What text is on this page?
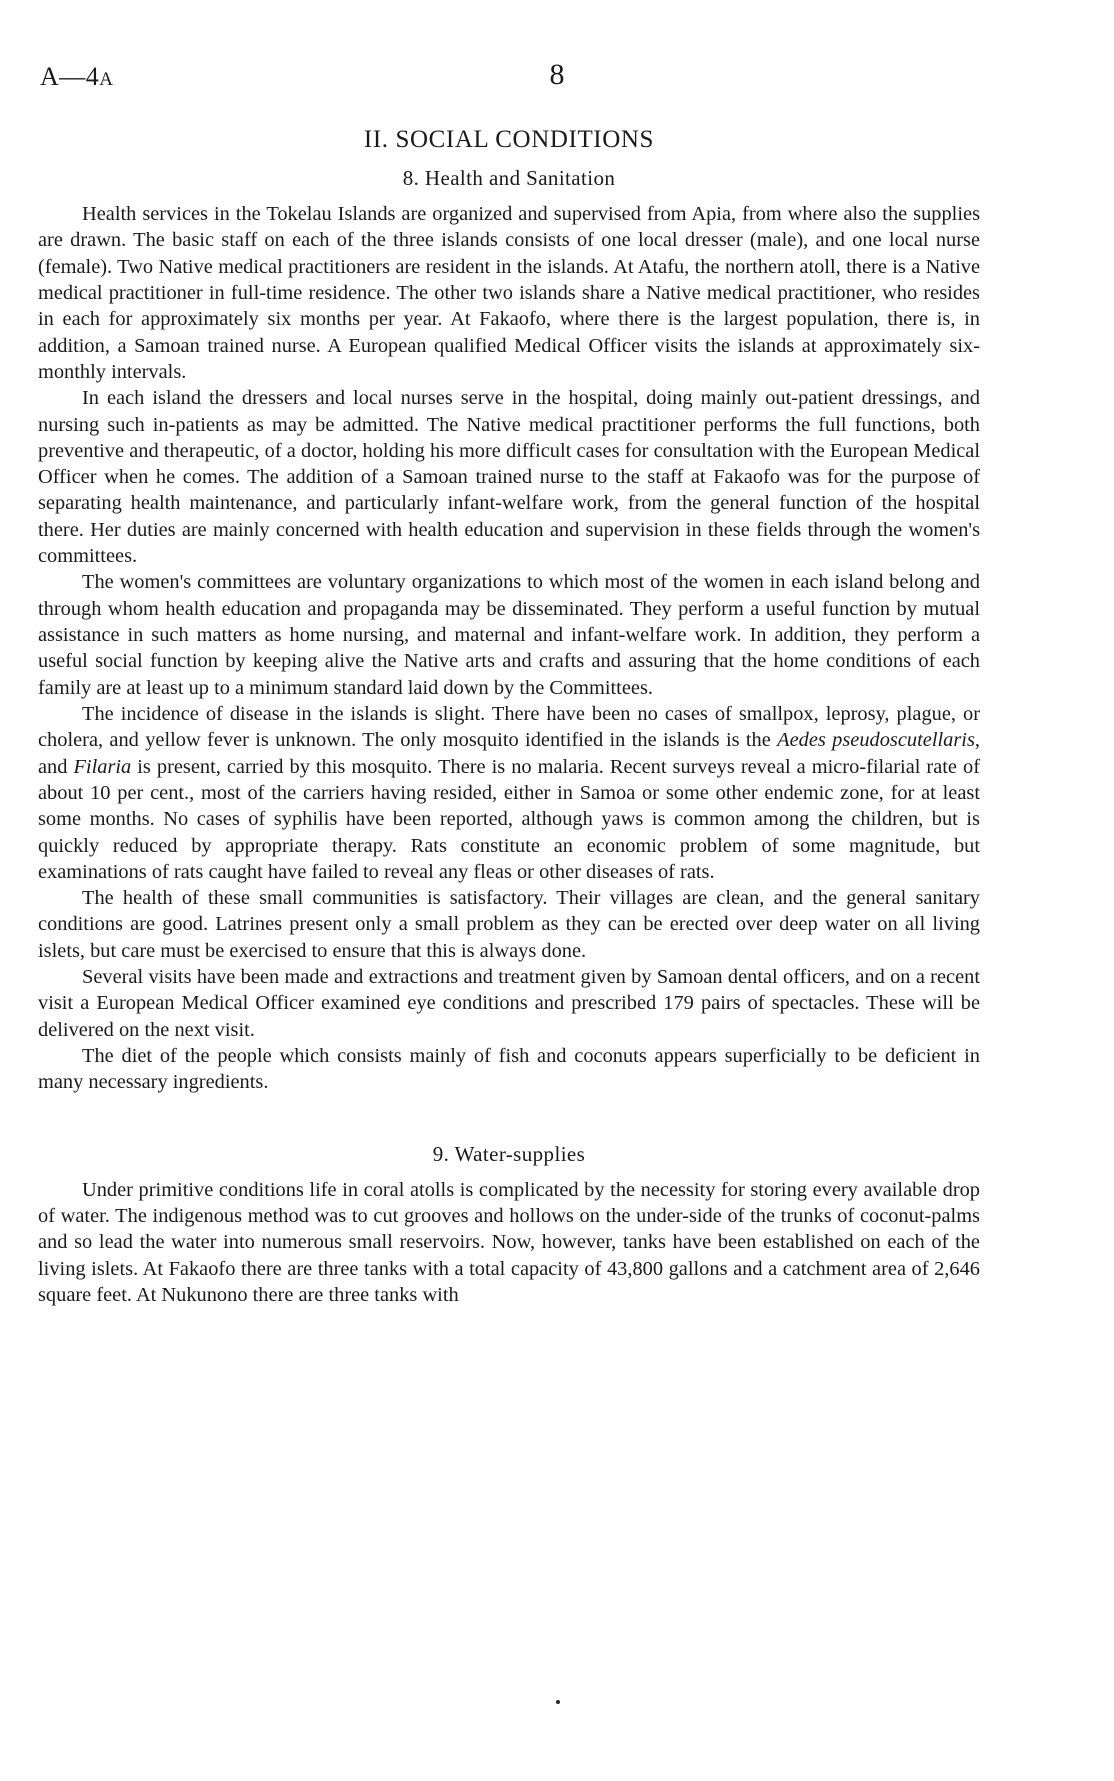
A—4A	8
II. SOCIAL CONDITIONS
8. Health and Sanitation

Health services in the Tokelau Islands are organized and supervised from Apia, from where also the supplies are drawn. The basic staff on each of the three islands consists of one local dresser (male), and one local nurse (female). Two Native medical practitioners are resident in the islands. At Atafu, the northern atoll, there is a Native medical practitioner in full-time residence. The other two islands share a Native medical practitioner, who resides in each for approximately six months per year. At Fakaofo, where there is the largest population, there is, in addition, a Samoan trained nurse. A European qualified Medical Officer visits the islands at approximately six-monthly intervals.

In each island the dressers and local nurses serve in the hospital, doing mainly out-patient dressings, and nursing such in-patients as may be admitted. The Native medical practitioner performs the full functions, both preventive and therapeutic, of a doctor, holding his more difficult cases for consultation with the European Medical Officer when he comes. The addition of a Samoan trained nurse to the staff at Fakaofo was for the purpose of separating health maintenance, and particularly infant-welfare work, from the general function of the hospital there. Her duties are mainly concerned with health education and supervision in these fields through the women's committees.

The women's committees are voluntary organizations to which most of the women in each island belong and through whom health education and propaganda may be disseminated. They perform a useful function by mutual assistance in such matters as home nursing, and maternal and infant-welfare work. In addition, they perform a useful social function by keeping alive the Native arts and crafts and assuring that the home conditions of each family are at least up to a minimum standard laid down by the Committees.

The incidence of disease in the islands is slight. There have been no cases of smallpox, leprosy, plague, or cholera, and yellow fever is unknown. The only mosquito identified in the islands is the Aedes pseudoscutellaris, and Filaria is present, carried by this mosquito. There is no malaria. Recent surveys reveal a micro-filarial rate of about 10 per cent., most of the carriers having resided, either in Samoa or some other endemic zone, for at least some months. No cases of syphilis have been reported, although yaws is common among the children, but is quickly reduced by appropriate therapy. Rats constitute an economic problem of some magnitude, but examinations of rats caught have failed to reveal any fleas or other diseases of rats.

The health of these small communities is satisfactory. Their villages are clean, and the general sanitary conditions are good. Latrines present only a small problem as they can be erected over deep water on all living islets, but care must be exercised to ensure that this is always done.

Several visits have been made and extractions and treatment given by Samoan dental officers, and on a recent visit a European Medical Officer examined eye conditions and prescribed 179 pairs of spectacles. These will be delivered on the next visit.

The diet of the people which consists mainly of fish and coconuts appears superficially to be deficient in many necessary ingredients.

9. Water-supplies

Under primitive conditions life in coral atolls is complicated by the necessity for storing every available drop of water. The indigenous method was to cut grooves and hollows on the under-side of the trunks of coconut-palms and so lead the water into numerous small reservoirs. Now, however, tanks have been established on each of the living islets. At Fakaofo there are three tanks with a total capacity of 43,800 gallons and a catchment area of 2,646 square feet. At Nukunono there are three tanks with
